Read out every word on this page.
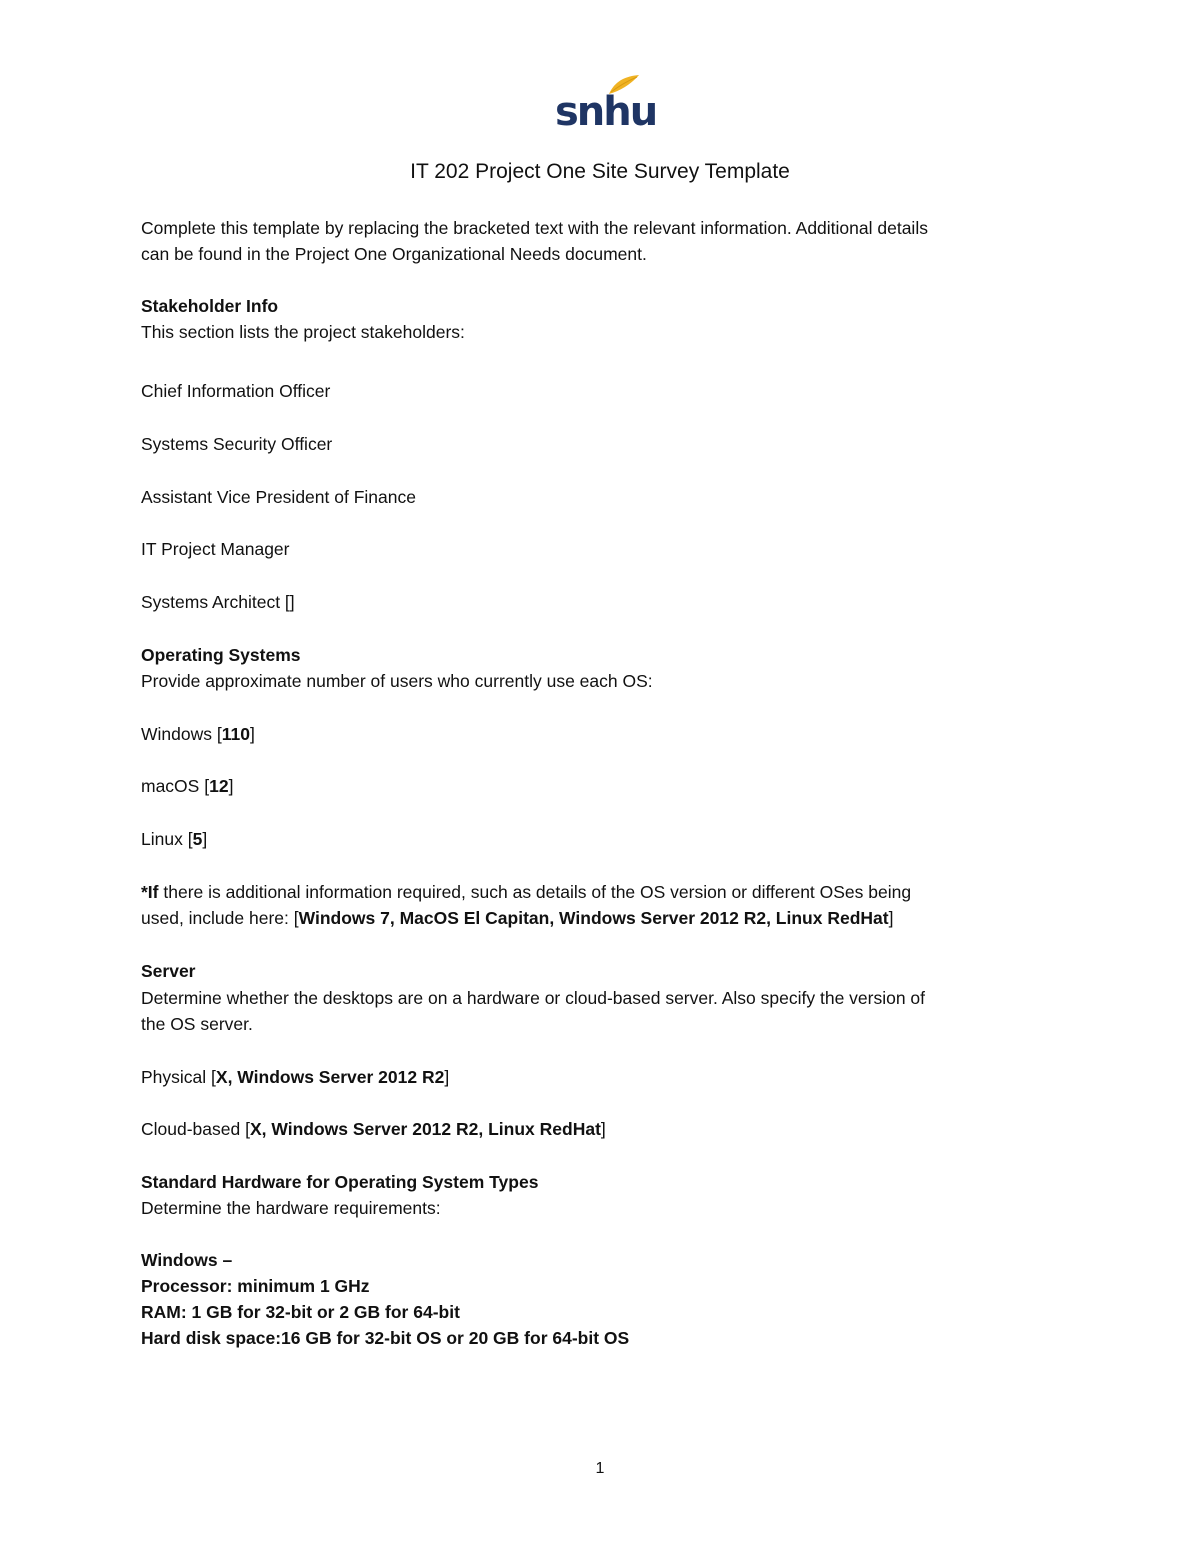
snhu
IT 202 Project One Site Survey Template
Complete this template by replacing the bracketed text with the relevant information. Additional details
can be found in the Project One Organizational Needs document.
Stakeholder Info
This section lists the project stakeholders:
Chief Information Officer
Systems Security Officer
Assistant Vice President of Finance
IT Project Manager
Systems Architect []
Operating Systems
Provide approximate number of users who currently use each OS:
Windows [110]
macOS [12]
Linux [5]
*If there is additional information required, such as details of the OS version or different OSes being
used, include here: [Windows 7, MacOS El Capitan, Windows Server 2012 R2, Linux RedHat]
Server
Determine whether the desktops are on a hardware or cloud-based server. Also specify the version of
the OS server.
Physical [X, Windows Server 2012 R2]
Cloud-based [X, Windows Server 2012 R2, Linux RedHat]
Standard Hardware for Operating System Types
Determine the hardware requirements:
Windows –
Processor: minimum 1 GHz
RAM: 1 GB for 32-bit or 2 GB for 64-bit
Hard disk space:16 GB for 32-bit OS or 20 GB for 64-bit OS
1
